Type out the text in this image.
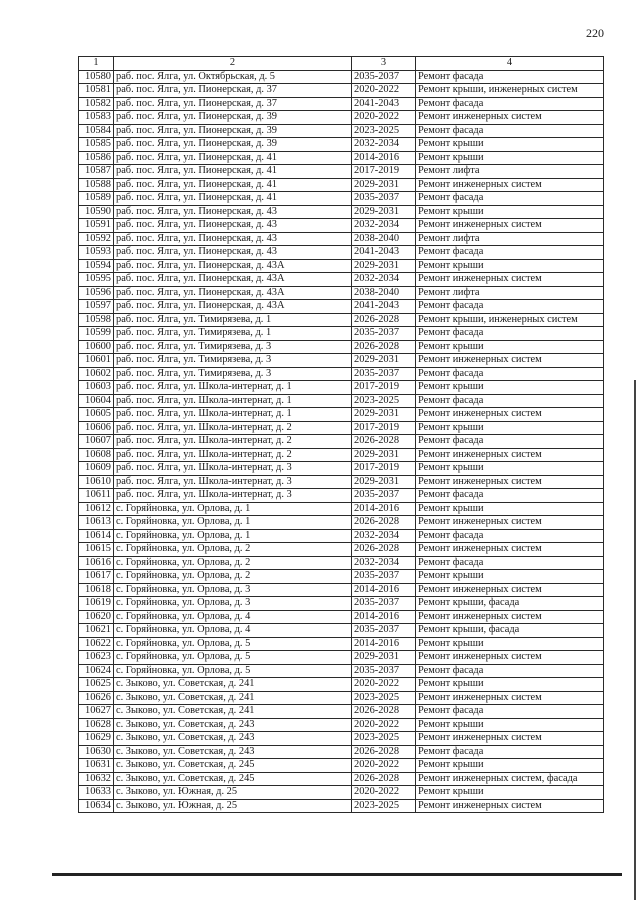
220
1	2	3	4
10580	раб. пос. Ялга, ул. Октябрьская, д. 5	2035-2037	Ремонт фасада
10581	раб. пос. Ялга, ул. Пионерская, д. 37	2020-2022	Ремонт крыши, инженерных систем
10582	раб. пос. Ялга, ул. Пионерская, д. 37	2041-2043	Ремонт фасада
10583	раб. пос. Ялга, ул. Пионерская, д. 39	2020-2022	Ремонт инженерных систем
10584	раб. пос. Ялга, ул. Пионерская, д. 39	2023-2025	Ремонт фасада
10585	раб. пос. Ялга, ул. Пионерская, д. 39	2032-2034	Ремонт крыши
10586	раб. пос. Ялга, ул. Пионерская, д. 41	2014-2016	Ремонт крыши
10587	раб. пос. Ялга, ул. Пионерская, д. 41	2017-2019	Ремонт лифта
10588	раб. пос. Ялга, ул. Пионерская, д. 41	2029-2031	Ремонт инженерных систем
10589	раб. пос. Ялга, ул. Пионерская, д. 41	2035-2037	Ремонт фасада
10590	раб. пос. Ялга, ул. Пионерская, д. 43	2029-2031	Ремонт крыши
10591	раб. пос. Ялга, ул. Пионерская, д. 43	2032-2034	Ремонт инженерных систем
10592	раб. пос. Ялга, ул. Пионерская, д. 43	2038-2040	Ремонт лифта
10593	раб. пос. Ялга, ул. Пионерская, д. 43	2041-2043	Ремонт фасада
10594	раб. пос. Ялга, ул. Пионерская, д. 43А	2029-2031	Ремонт крыши
10595	раб. пос. Ялга, ул. Пионерская, д. 43А	2032-2034	Ремонт инженерных систем
10596	раб. пос. Ялга, ул. Пионерская, д. 43А	2038-2040	Ремонт лифта
10597	раб. пос. Ялга, ул. Пионерская, д. 43А	2041-2043	Ремонт фасада
10598	раб. пос. Ялга, ул. Тимирязева, д. 1	2026-2028	Ремонт крыши, инженерных систем
10599	раб. пос. Ялга, ул. Тимирязева, д. 1	2035-2037	Ремонт фасада
10600	раб. пос. Ялга, ул. Тимирязева, д. 3	2026-2028	Ремонт крыши
10601	раб. пос. Ялга, ул. Тимирязева, д. 3	2029-2031	Ремонт инженерных систем
10602	раб. пос. Ялга, ул. Тимирязева, д. 3	2035-2037	Ремонт фасада
10603	раб. пос. Ялга, ул. Школа-интернат, д. 1	2017-2019	Ремонт крыши
10604	раб. пос. Ялга, ул. Школа-интернат, д. 1	2023-2025	Ремонт фасада
10605	раб. пос. Ялга, ул. Школа-интернат, д. 1	2029-2031	Ремонт инженерных систем
10606	раб. пос. Ялга, ул. Школа-интернат, д. 2	2017-2019	Ремонт крыши
10607	раб. пос. Ялга, ул. Школа-интернат, д. 2	2026-2028	Ремонт фасада
10608	раб. пос. Ялга, ул. Школа-интернат, д. 2	2029-2031	Ремонт инженерных систем
10609	раб. пос. Ялга, ул. Школа-интернат, д. 3	2017-2019	Ремонт крыши
10610	раб. пос. Ялга, ул. Школа-интернат, д. 3	2029-2031	Ремонт инженерных систем
10611	раб. пос. Ялга, ул. Школа-интернат, д. 3	2035-2037	Ремонт фасада
10612	с. Горяйновка, ул. Орлова, д. 1	2014-2016	Ремонт крыши
10613	с. Горяйновка, ул. Орлова, д. 1	2026-2028	Ремонт инженерных систем
10614	с. Горяйновка, ул. Орлова, д. 1	2032-2034	Ремонт фасада
10615	с. Горяйновка, ул. Орлова, д. 2	2026-2028	Ремонт инженерных систем
10616	с. Горяйновка, ул. Орлова, д. 2	2032-2034	Ремонт фасада
10617	с. Горяйновка, ул. Орлова, д. 2	2035-2037	Ремонт крыши
10618	с. Горяйновка, ул. Орлова, д. 3	2014-2016	Ремонт инженерных систем
10619	с. Горяйновка, ул. Орлова, д. 3	2035-2037	Ремонт крыши, фасада
10620	с. Горяйновка, ул. Орлова, д. 4	2014-2016	Ремонт инженерных систем
10621	с. Горяйновка, ул. Орлова, д. 4	2035-2037	Ремонт крыши, фасада
10622	с. Горяйновка, ул. Орлова, д. 5	2014-2016	Ремонт крыши
10623	с. Горяйновка, ул. Орлова, д. 5	2029-2031	Ремонт инженерных систем
10624	с. Горяйновка, ул. Орлова, д. 5	2035-2037	Ремонт фасада
10625	с. Зыково, ул. Советская, д. 241	2020-2022	Ремонт крыши
10626	с. Зыково, ул. Советская, д. 241	2023-2025	Ремонт инженерных систем
10627	с. Зыково, ул. Советская, д. 241	2026-2028	Ремонт фасада
10628	с. Зыково, ул. Советская, д. 243	2020-2022	Ремонт крыши
10629	с. Зыково, ул. Советская, д. 243	2023-2025	Ремонт инженерных систем
10630	с. Зыково, ул. Советская, д. 243	2026-2028	Ремонт фасада
10631	с. Зыково, ул. Советская, д. 245	2020-2022	Ремонт крыши
10632	с. Зыково, ул. Советская, д. 245	2026-2028	Ремонт инженерных систем, фасада
10633	с. Зыково, ул. Южная, д. 25	2020-2022	Ремонт крыши
10634	с. Зыково, ул. Южная, д. 25	2023-2025	Ремонт инженерных систем
